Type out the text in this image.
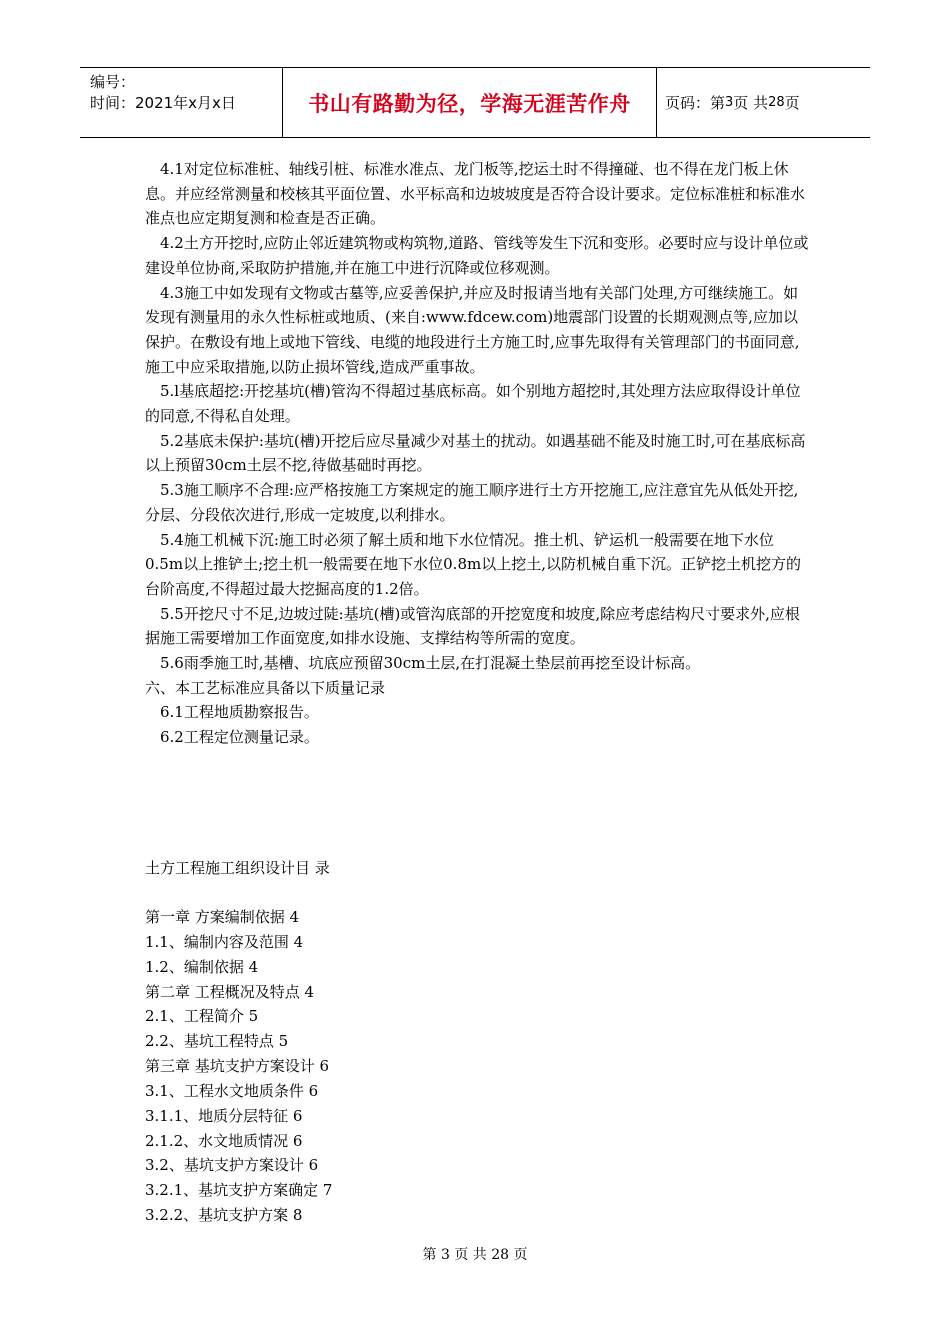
编号：
时间：2021年x月x日	书山有路勤为径，学海无涯苦作舟 页码：第 3 页 共 28 页

4.1对定位标准桩、轴线引桩、标准水准点、龙门板等,挖运土时不得撞碰、也不得在龙门板上休息。并应经常测量和校核其平面位置、水平标高和边坡坡度是否符合设计要求。定位标准桩和标准水准点也应定期复测和检查是否正确。

4.2土方开挖时,应防止邻近建筑物或构筑物,道路、管线等发生下沉和变形。必要时应与设计单位或建设单位协商,采取防护措施,并在施工中进行沉降或位移观测。

4.3施工中如发现有文物或古墓等,应妥善保护,并应及时报请当地有关部门处理,方可继续施工。如发现有测量用的永久性标桩或地质、(来自:www.fdcew.com)地震部门设置的长期观测点等,应加以保护。在敷设有地上或地下管线、电缆的地段进行土方施工时,应事先取得有关管理部门的书面同意,施工中应采取措施,以防止损坏管线,造成严重事故。

5.l基底超挖:开挖基坑(槽)管沟不得超过基底标高。如个别地方超挖时,其处理方法应取得设计单位的同意,不得私自处理。

5.2基底未保护:基坑(槽)开挖后应尽量减少对基土的扰动。如遇基础不能及时施工时,可在基底标高以上预留30cm土层不挖,待做基础时再挖。

5.3施工顺序不合理:应严格按施工方案规定的施工顺序进行土方开挖施工,应注意宜先从低处开挖,分层、分段依次进行,形成一定坡度,以利排水。

5.4施工机械下沉:施工时必须了解土质和地下水位情况。推土机、铲运机一般需要在地下水位0.5m以上推铲土;挖土机一般需要在地下水位0.8m以上挖土,以防机械自重下沉。正铲挖土机挖方的台阶高度,不得超过最大挖掘高度的1.2倍。

5.5开挖尺寸不足,边坡过陡:基坑(槽)或管沟底部的开挖宽度和坡度,除应考虑结构尺寸要求外,应根据施工需要增加工作面宽度,如排水设施、支撑结构等所需的宽度。

5.6雨季施工时,基槽、坑底应预留30cm土层,在打混凝土垫层前再挖至设计标高。

六、本工艺标准应具备以下质量记录

6.1工程地质勘察报告。

6.2工程定位测量记录。

土方工程施工组织设计目 录
第一章 方案编制依据 4
1.1、编制内容及范围 4
1.2、编制依据 4
第二章 工程概况及特点 4
2.1、工程简介 5
2.2、基坑工程特点 5
第三章 基坑支护方案设计 6
3.1、工程水文地质条件 6
3.1.1、地质分层特征 6
2.1.2、水文地质情况 6
3.2、基坑支护方案设计 6
3.2.1、基坑支护方案确定 7
3.2.2、基坑支护方案 8
第 3 页 共 28 页
